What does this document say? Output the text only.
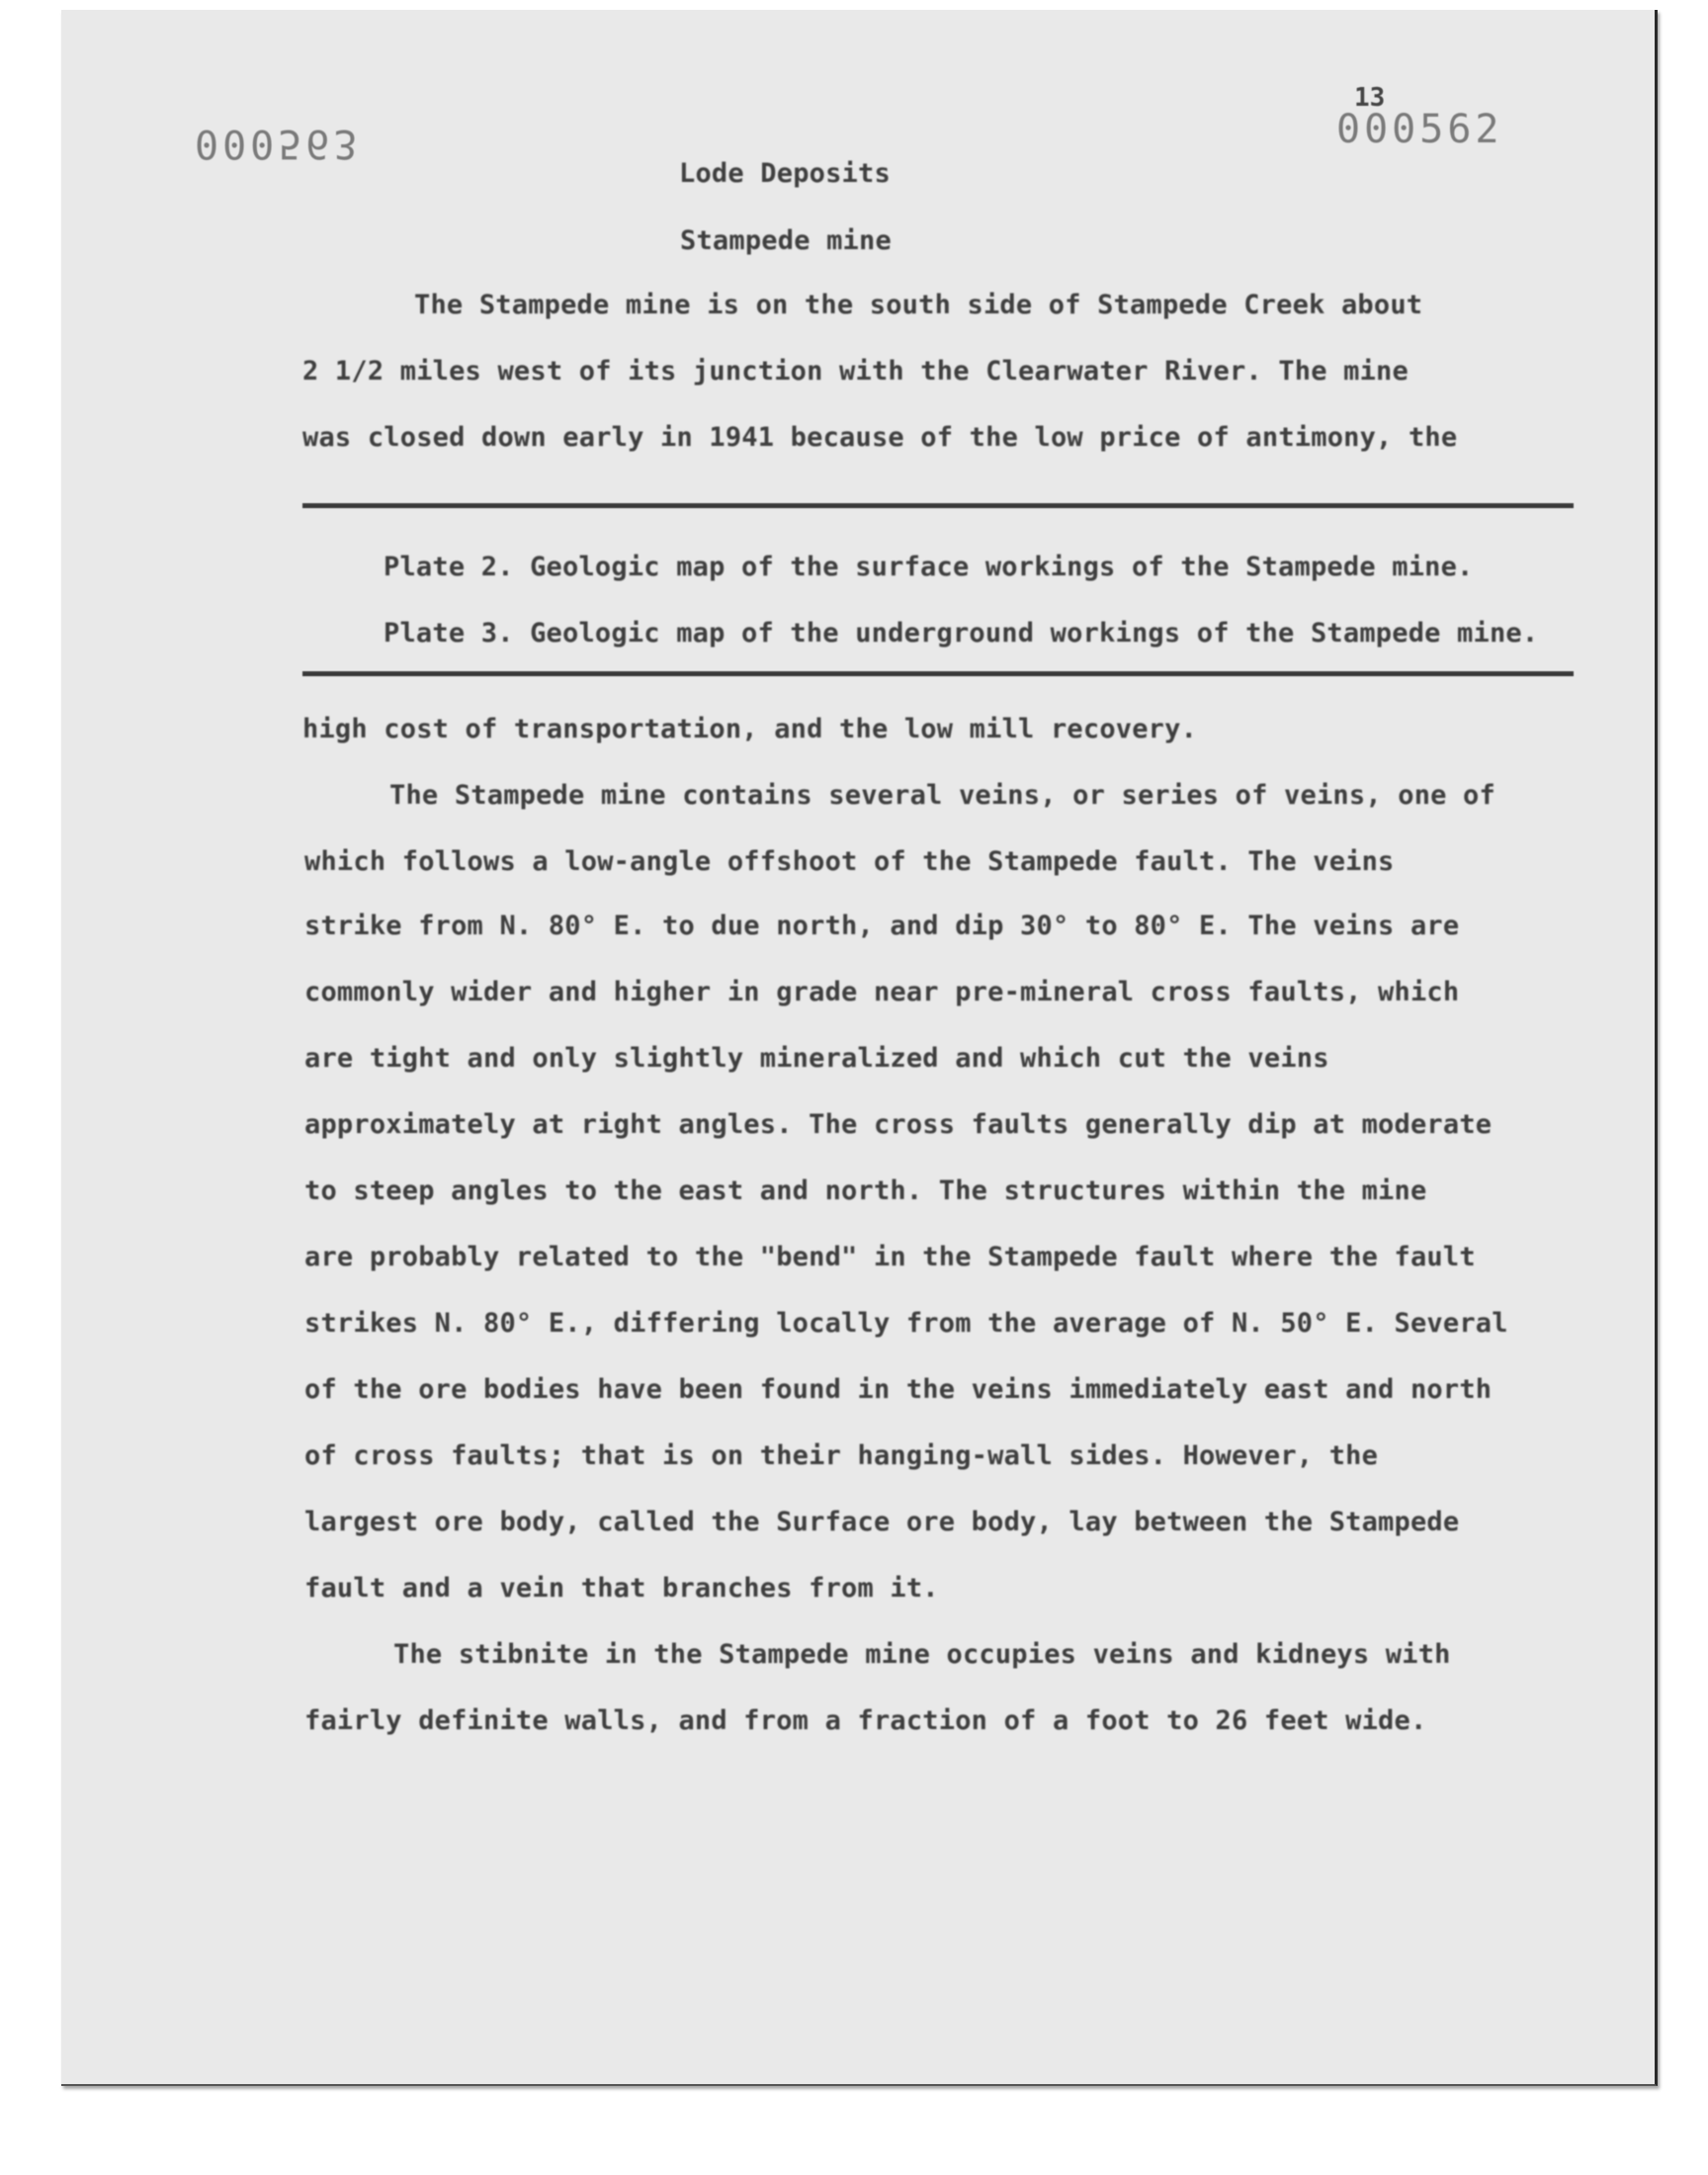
000563
13
000562
Lode Deposits
Stampede mine
The Stampede mine is on the south side of Stampede Creek about
2 1/2 miles west of its junction with the Clearwater River. The mine
was closed down early in 1941 because of the low price of antimony, the
Plate 2. Geologic map of the surface workings of the Stampede mine.
Plate 3. Geologic map of the underground workings of the Stampede mine.
high cost of transportation, and the low mill recovery.
The Stampede mine contains several veins, or series of veins, one of
which follows a low-angle offshoot of the Stampede fault. The veins
strike from N. 80° E. to due north, and dip 30° to 80° E. The veins are
commonly wider and higher in grade near pre-mineral cross faults, which
are tight and only slightly mineralized and which cut the veins
approximately at right angles. The cross faults generally dip at moderate
to steep angles to the east and north. The structures within the mine
are probably related to the "bend" in the Stampede fault where the fault
strikes N. 80° E., differing locally from the average of N. 50° E. Several
of the ore bodies have been found in the veins immediately east and north
of cross faults; that is on their hanging-wall sides. However, the
largest ore body, called the Surface ore body, lay between the Stampede
fault and a vein that branches from it.
The stibnite in the Stampede mine occupies veins and kidneys with
fairly definite walls, and from a fraction of a foot to 26 feet wide.
